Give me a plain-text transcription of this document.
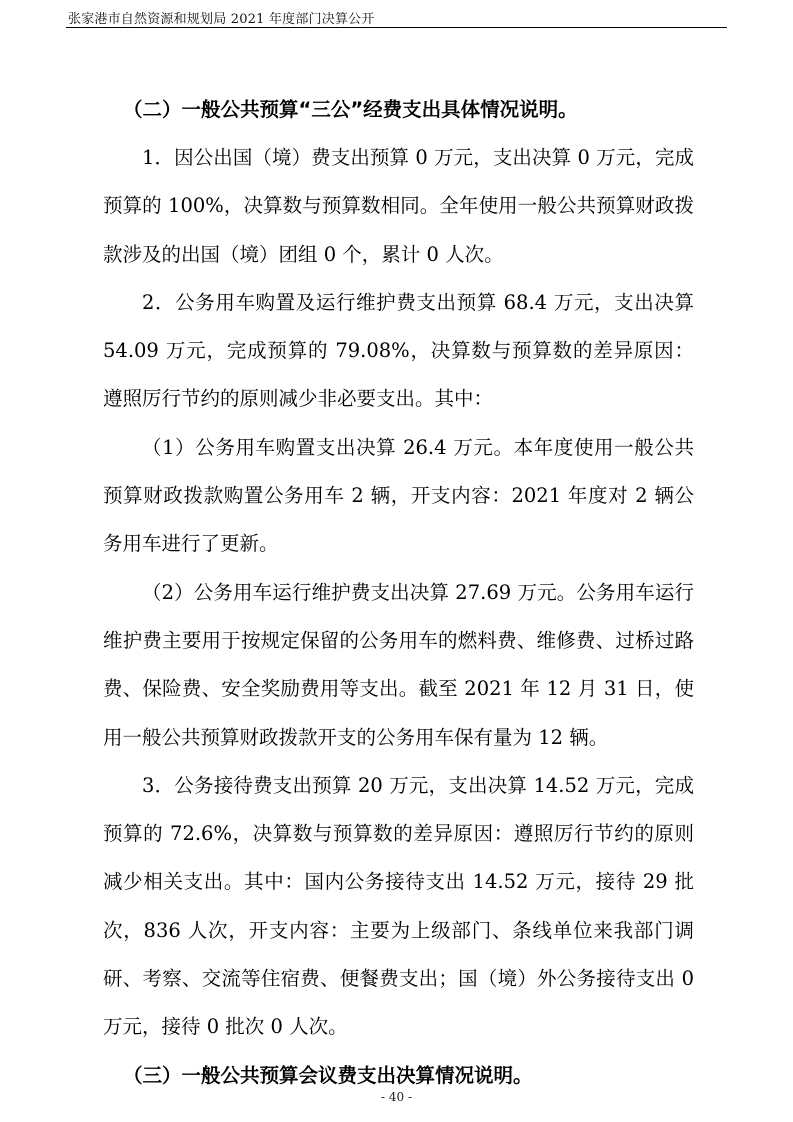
张家港市自然资源和规划局 2021 年度部门决算公开

（二）一般公共预算“三公”经费支出具体情况说明。

1．因公出国（境）费支出预算 0 万元，支出决算 0 万元，完成预算的 100%，决算数与预算数相同。全年使用一般公共预算财政拨款涉及的出国（境）团组 0 个，累计 0 人次。

2．公务用车购置及运行维护费支出预算 68.4 万元，支出决算 54.09 万元，完成预算的 79.08%，决算数与预算数的差异原因：遵照厉行节约的原则减少非必要支出。其中：

（1）公务用车购置支出决算 26.4 万元。本年度使用一般公共预算财政拨款购置公务用车 2 辆，开支内容：2021 年度对 2 辆公务用车进行了更新。

（2）公务用车运行维护费支出决算 27.69 万元。公务用车运行维护费主要用于按规定保留的公务用车的燃料费、维修费、过桥过路费、保险费、安全奖励费用等支出。截至 2021 年 12 月 31 日，使用一般公共预算财政拨款开支的公务用车保有量为 12 辆。

3．公务接待费支出预算 20 万元，支出决算 14.52 万元，完成预算的 72.6%，决算数与预算数的差异原因：遵照厉行节约的原则减少相关支出。其中：国内公务接待支出 14.52 万元，接待 29 批次，836 人次，开支内容：主要为上级部门、条线单位来我部门调研、考察、交流等住宿费、便餐费支出；国（境）外公务接待支出 0 万元，接待 0 批次 0 人次。

（三）一般公共预算会议费支出决算情况说明。

- 40 -
